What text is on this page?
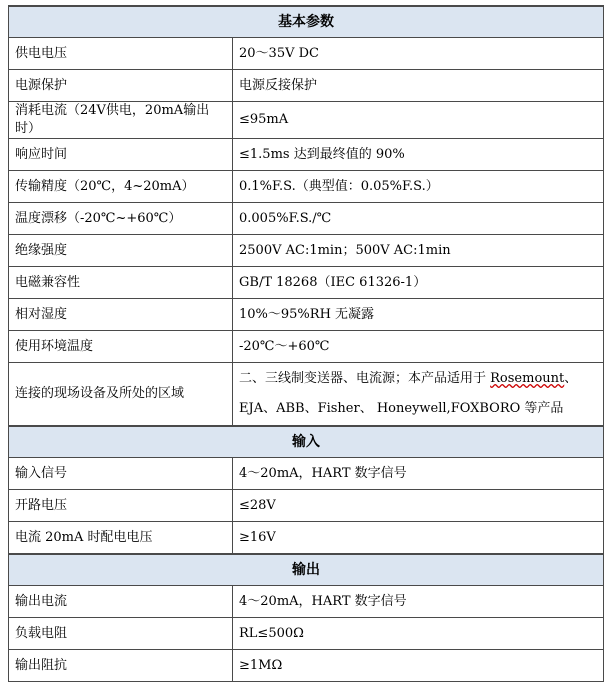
基本参数	
供电电压	20～35V DC
电源保护	电源反接保护
消耗电流（24V供电，20mA输出时）	≤95mA
响应时间	≤1.5ms 达到最终值的 90%
传输精度（20℃，4~20mA）	0.1%F.S.（典型值：0.05%F.S.）
温度漂移（-20℃~+60℃）	0.005%F.S./℃
绝缘强度	2500V AC:1min；500V AC:1min
电磁兼容性	GB/T 18268（IEC 61326-1）
相对湿度	10%～95%RH 无凝露
使用环境温度	-20℃～+60℃
连接的现场设备及所处的区域	二、三线制变送器、电流源；本产品适用于 Rosemount、
EJA、ABB、Fisher、 Honeywell,FOXBORO 等产品
输入	
输入信号	4～20mA，HART 数字信号
开路电压	≤28V
电流 20mA 时配电电压	≥16V
输出	
输出电流	4～20mA，HART 数字信号
负载电阻	RL≤500Ω
输出阻抗	≥1MΩ
